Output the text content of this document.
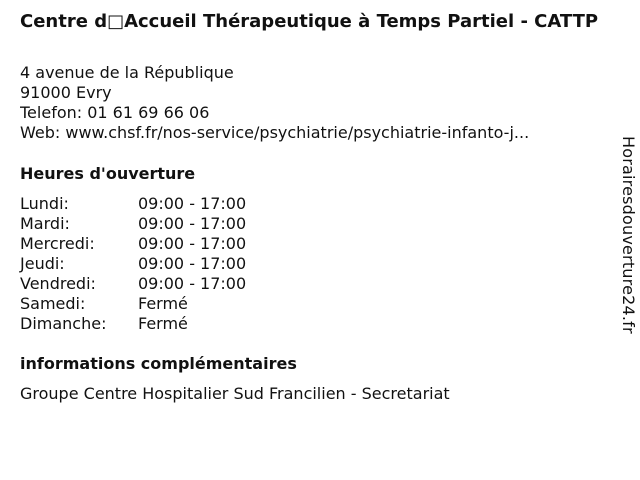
Centre d□Accueil Thérapeutique à Temps Partiel - CATTP
4 avenue de la République
91000 Evry
Telefon: 01 61 69 66 06
Web: www.chsf.fr/nos-service/psychiatrie/psychiatrie-infanto-j...
Heures d'ouverture
Lundi:	09:00 - 17:00
Mardi:	09:00 - 17:00
Mercredi:	09:00 - 17:00
Jeudi:	09:00 - 17:00
Vendredi:	09:00 - 17:00
Samedi:	Fermé
Dimanche:	Fermé
informations complémentaires
Groupe Centre Hospitalier Sud Francilien - Secretariat
Horairesdouverture24.fr
